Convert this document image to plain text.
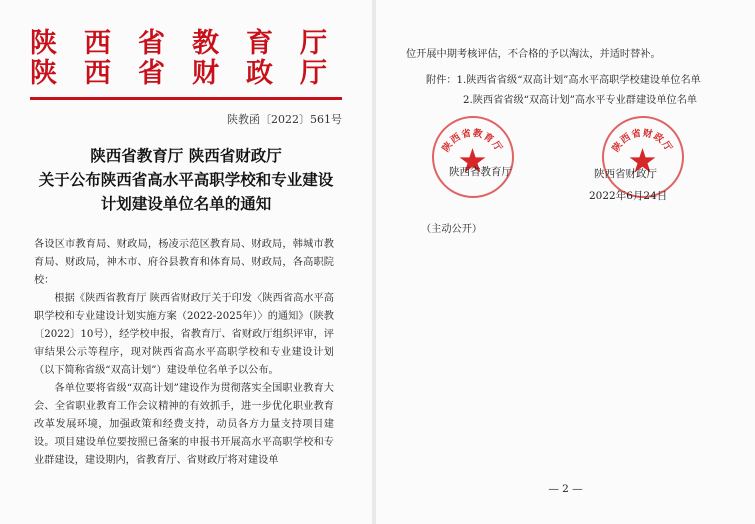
陕 西 省 教 育 厅
陕 西 省 财 政 厅
陕教函〔2022〕561号
陕西省教育厅 陕西省财政厅
关于公布陕西省高水平高职学校和专业建设
计划建设单位名单的通知

各设区市教育局、财政局，杨凌示范区教育局、财政局，韩城市教育局、财政局，神木市、府谷县教育和体育局、财政局，各高职院校：

根据《陕西省教育厅 陕西省财政厅关于印发〈陕西省高水平高职学校和专业建设计划实施方案（2022-2025年）〉的通知》（陕教〔2022〕10号），经学校申报，省教育厅、省财政厅组织评审，评审结果公示等程序，现对陕西省高水平高职学校和专业建设计划（以下简称省级“双高计划”）建设单位名单予以公布。

各单位要将省级“双高计划”建设作为贯彻落实全国职业教育大会、全省职业教育工作会议精神的有效抓手，进一步优化职业教育改革发展环境，加强政策和经费支持，动员各方力量支持项目建设。项目建设单位要按照已备案的申报书开展高水平高职学校和专业群建设，建设期内，省教育厅、省财政厅将对建设单

位开展中期考核评估，不合格的予以淘汰，并适时替补。
附件：1.陕西省省级“双高计划”高水平高职学校建设单位名单
2.陕西省省级“双高计划”高水平专业群建设单位名单
陕西省教育厅	陕西省财政厅
陕西省教育厅	陕西省财政厅
2022年6月24日
（主动公开）
— 2 —
